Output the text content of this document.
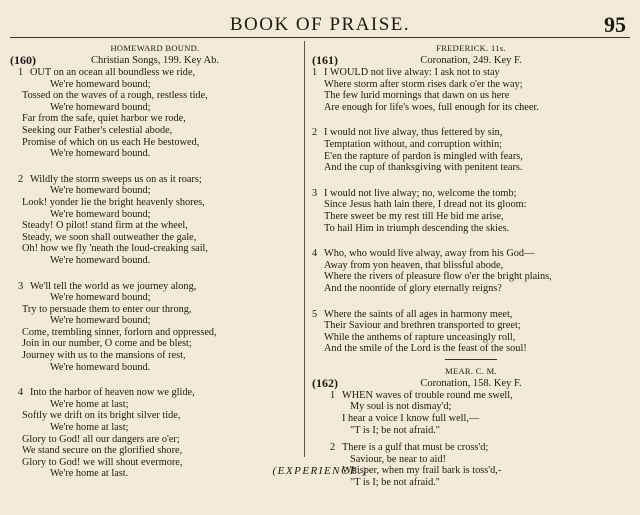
BOOK OF PRAISE.	95
HOMEWARD BOUND.
(160)	Christian Songs, 199. Key Ab.
1 OUT on an ocean all boundless we ride,
We're homeward bound;
Tossed on the waves of a rough, restless tide,
We're homeward bound;
Far from the safe, quiet harbor we rode,
Seeking our Father's celestial abode,
Promise of which on us each He bestowed,
We're homeward bound.
2 Wildly the storm sweeps us on as it roars;
We're homeward bound;
Look! yonder lie the bright heavenly shores,
We're homeward bound;
Steady! O pilot! stand firm at the wheel,
Steady, we soon shall outweather the gale,
Oh! how we fly 'neath the loud-creaking sail,
We're homeward bound.
3 We'll tell the world as we journey along,
We're homeward bound;
Try to persuade them to enter our throng,
We're homeward bound;
Come, trembling sinner, forlorn and oppressed,
Join in our number, O come and be blest;
Journey with us to the mansions of rest,
We're homeward bound.
4 Into the harbor of heaven now we glide,
We're home at last;
Softly we drift on its bright silver tide,
We're home at last;
Glory to God! all our dangers are o'er;
We stand secure on the glorified shore,
Glory to God! we will shout evermore,
We're home at last.
FREDERICK. 11s.
(161)	Coronation, 249. Key F.
1 I WOULD not live alway: I ask not to stay
Where storm after storm rises dark o'er the way;
The few lurid mornings that dawn on us here
Are enough for life's woes, full enough for its cheer.
2 I would not live alway, thus fettered by sin,
Temptation without, and corruption within;
E'en the rapture of pardon is mingled with fears,
And the cup of thanksgiving with penitent tears.
3 I would not live alway; no, welcome the tomb;
Since Jesus hath lain there, I dread not its gloom:
There sweet be my rest till He bid me arise,
To hail Him in triumph descending the skies.
4 Who, who would live alway, away from his God—
Away from yon heaven, that blissful abode,
Where the rivers of pleasure flow o'er the bright plains,
And the noontide of glory eternally reigns?
5 Where the saints of all ages in harmony meet,
Their Saviour and brethren transported to greet;
While the anthems of rapture unceasingly roll,
And the smile of the Lord is the feast of the soul!
MEAR. C. M.
(162)	Coronation, 158. Key F.
1 WHEN waves of trouble round me swell,
My soul is not dismay'd;
I hear a voice I know full well,—
"T is I; be not afraid."
2 There is a gulf that must be cross'd;
Saviour, be near to aid!
Whisper, when my frail bark is toss'd,-
"T is I; be not afraid."
(EXPERIENCE.)
